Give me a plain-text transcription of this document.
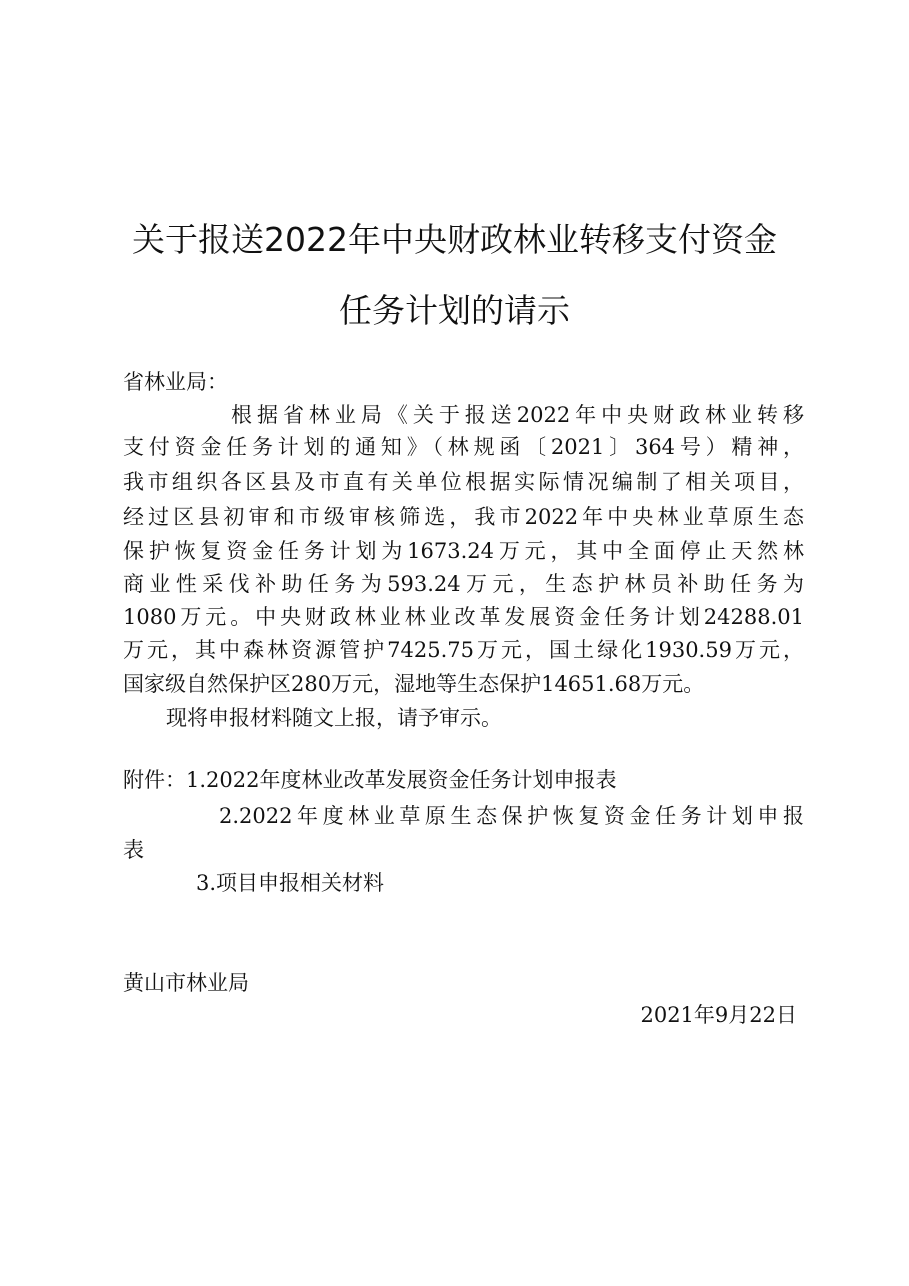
关于报送2022年中央财政林业转移支付资金
任务计划的请示
省林业局：
根据省林业局《关于报送2022年中央财政林业转移
支付资金任务计划的通知》（林规函〔2021〕364号）精神，
我市组织各区县及市直有关单位根据实际情况编制了相关项目，
经过区县初审和市级审核筛选，我市2022年中央林业草原生态
保护恢复资金任务计划为1673.24万元，其中全面停止天然林
商业性采伐补助任务为593.24万元，生态护林员补助任务为
1080万元。中央财政林业林业改革发展资金任务计划24288.01
万元，其中森林资源管护7425.75万元，国土绿化1930.59万元，
国家级自然保护区280万元，湿地等生态保护14651.68万元。
现将申报材料随文上报，请予审示。
附件：1.2022年度林业改革发展资金任务计划申报表
2.2022年度林业草原生态保护恢复资金任务计划申报
表
3.项目申报相关材料
黄山市林业局
2021年9月22日
